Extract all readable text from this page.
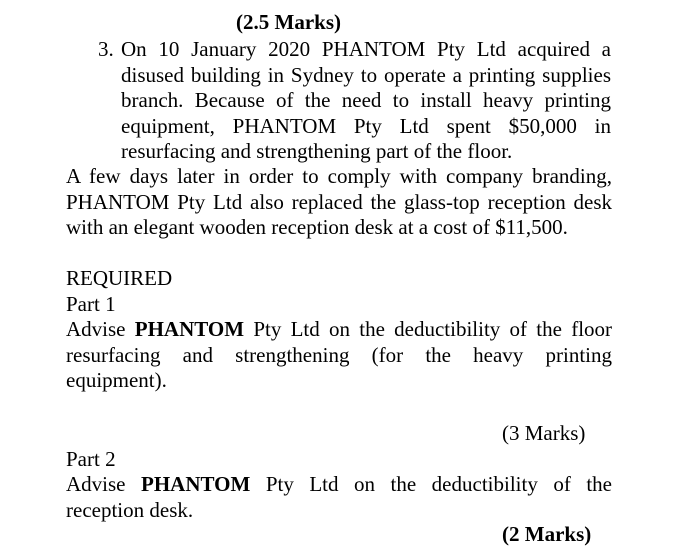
(2.5 Marks)
3. On 10 January 2020 PHANTOM Pty Ltd acquired a disused building in Sydney to operate a printing supplies branch. Because of the need to install heavy printing equipment, PHANTOM Pty Ltd spent $50,000 in resurfacing and strengthening part of the floor.
A few days later in order to comply with company branding, PHANTOM Pty Ltd also replaced the glass-top reception desk with an elegant wooden reception desk at a cost of $11,500.
REQUIRED
Part 1
Advise PHANTOM Pty Ltd on the deductibility of the floor resurfacing and strengthening (for the heavy printing equipment).
(3 Marks)
Part 2
Advise PHANTOM Pty Ltd on the deductibility of the reception desk.
(2 Marks)
